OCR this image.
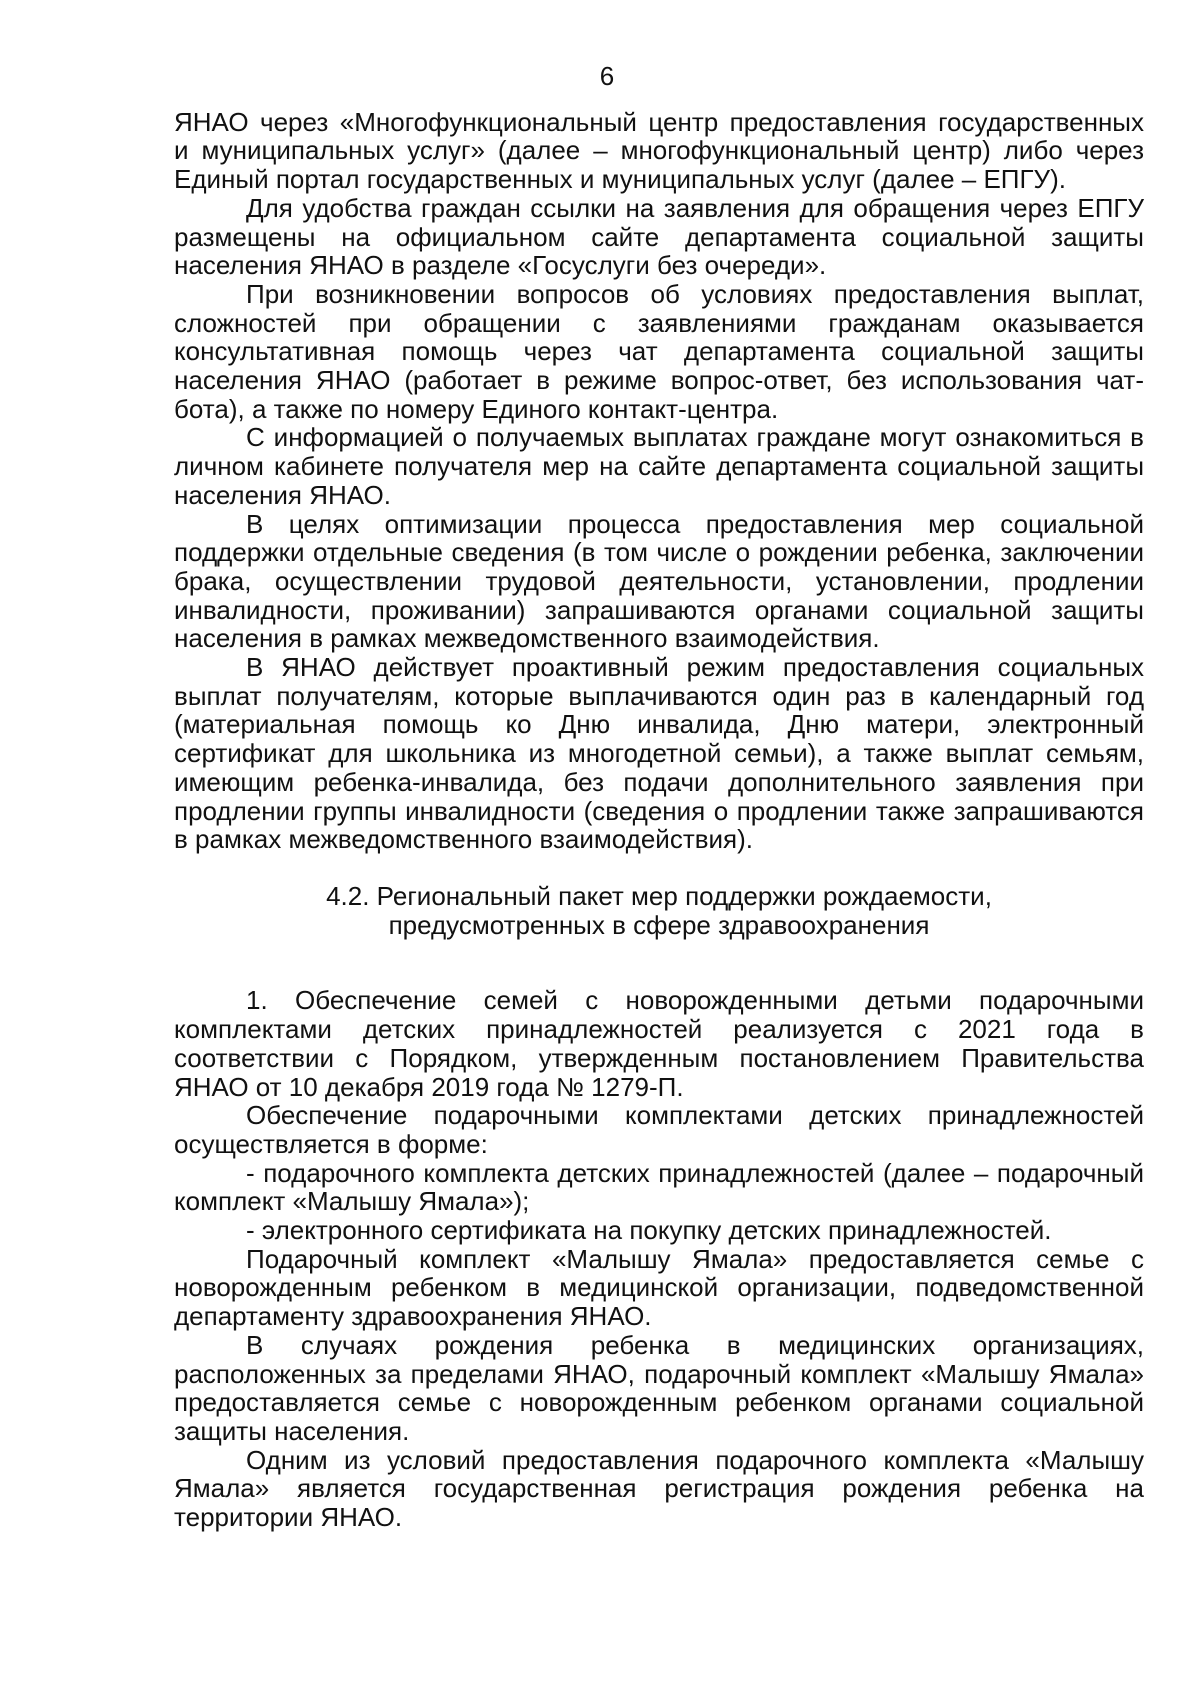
6

ЯНАО через «Многофункциональный центр предоставления государственных и муниципальных услуг» (далее – многофункциональный центр) либо через Единый портал государственных и муниципальных услуг (далее – ЕПГУ).

Для удобства граждан ссылки на заявления для обращения через ЕПГУ размещены на официальном сайте департамента социальной защиты населения ЯНАО в разделе «Госуслуги без очереди».

При возникновении вопросов об условиях предоставления выплат, сложностей при обращении с заявлениями гражданам оказывается консультативная помощь через чат департамента социальной защиты населения ЯНАО (работает в режиме вопрос-ответ, без использования чат-бота), а также по номеру Единого контакт-центра.

С информацией о получаемых выплатах граждане могут ознакомиться в личном кабинете получателя мер на сайте департамента социальной защиты населения ЯНАО.

В целях оптимизации процесса предоставления мер социальной поддержки отдельные сведения (в том числе о рождении ребенка, заключении брака, осуществлении трудовой деятельности, установлении, продлении инвалидности, проживании) запрашиваются органами социальной защиты населения в рамках межведомственного взаимодействия.

В ЯНАО действует проактивный режим предоставления социальных выплат получателям, которые выплачиваются один раз в календарный год (материальная помощь ко Дню инвалида, Дню матери, электронный сертификат для школьника из многодетной семьи), а также выплат семьям, имеющим ребенка-инвалида, без подачи дополнительного заявления при продлении группы инвалидности (сведения о продлении также запрашиваются в рамках межведомственного взаимодействия).

4.2. Региональный пакет мер поддержки рождаемости,
предусмотренных в сфере здравоохранения

1. Обеспечение семей с новорожденными детьми подарочными комплектами детских принадлежностей реализуется с 2021 года в соответствии с Порядком, утвержденным постановлением Правительства ЯНАО от 10 декабря 2019 года № 1279-П.

Обеспечение подарочными комплектами детских принадлежностей осуществляется в форме:

- подарочного комплекта детских принадлежностей (далее – подарочный комплект «Малышу Ямала»);

- электронного сертификата на покупку детских принадлежностей.

Подарочный комплект «Малышу Ямала» предоставляется семье с новорожденным ребенком в медицинской организации, подведомственной департаменту здравоохранения ЯНАО.

В случаях рождения ребенка в медицинских организациях, расположенных за пределами ЯНАО, подарочный комплект «Малышу Ямала» предоставляется семье с новорожденным ребенком органами социальной защиты населения.

Одним из условий предоставления подарочного комплекта «Малышу Ямала» является государственная регистрация рождения ребенка на территории ЯНАО.
